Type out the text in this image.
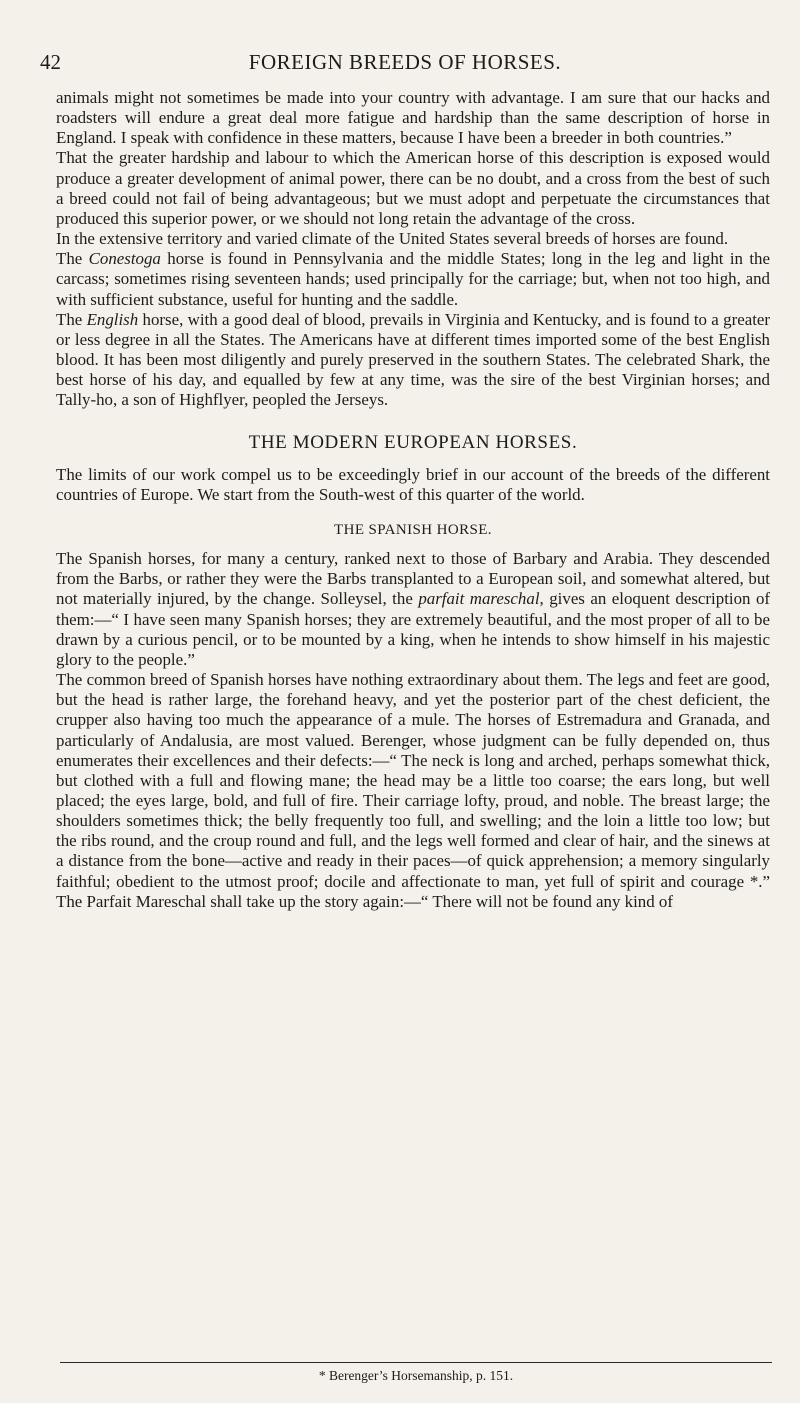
42	FOREIGN BREEDS OF HORSES.

animals might not sometimes be made into your country with advantage. I am sure that our hacks and roadsters will endure a great deal more fatigue and hardship than the same description of horse in England. I speak with confidence in these matters, because I have been a breeder in both countries.”

That the greater hardship and labour to which the American horse of this description is exposed would produce a greater development of animal power, there can be no doubt, and a cross from the best of such a breed could not fail of being advantageous; but we must adopt and perpetuate the circumstances that produced this superior power, or we should not long retain the advantage of the cross.

In the extensive territory and varied climate of the United States several breeds of horses are found.

The Conestoga horse is found in Pennsylvania and the middle States; long in the leg and light in the carcass; sometimes rising seventeen hands; used principally for the carriage; but, when not too high, and with sufficient substance, useful for hunting and the saddle.

The English horse, with a good deal of blood, prevails in Virginia and Kentucky, and is found to a greater or less degree in all the States. The Americans have at different times imported some of the best English blood. It has been most diligently and purely preserved in the southern States. The celebrated Shark, the best horse of his day, and equalled by few at any time, was the sire of the best Virginian horses; and Tally-ho, a son of Highflyer, peopled the Jerseys.

THE MODERN EUROPEAN HORSES.

The limits of our work compel us to be exceedingly brief in our account of the breeds of the different countries of Europe. We start from the South-west of this quarter of the world.

THE SPANISH HORSE.

The Spanish horses, for many a century, ranked next to those of Barbary and Arabia. They descended from the Barbs, or rather they were the Barbs transplanted to a European soil, and somewhat altered, but not materially injured, by the change. Solleysel, the parfait mareschal, gives an eloquent description of them:—“ I have seen many Spanish horses; they are extremely beautiful, and the most proper of all to be drawn by a curious pencil, or to be mounted by a king, when he intends to show himself in his majestic glory to the people.”

The common breed of Spanish horses have nothing extraordinary about them. The legs and feet are good, but the head is rather large, the forehand heavy, and yet the posterior part of the chest deficient, the crupper also having too much the appearance of a mule. The horses of Estremadura and Granada, and particularly of Andalusia, are most valued. Berenger, whose judgment can be fully depended on, thus enumerates their excellences and their defects:—“ The neck is long and arched, perhaps somewhat thick, but clothed with a full and flowing mane; the head may be a little too coarse; the ears long, but well placed; the eyes large, bold, and full of fire. Their carriage lofty, proud, and noble. The breast large; the shoulders sometimes thick; the belly frequently too full, and swelling; and the loin a little too low; but the ribs round, and the croup round and full, and the legs well formed and clear of hair, and the sinews at a distance from the bone—active and ready in their paces—of quick apprehension; a memory singularly faithful; obedient to the utmost proof; docile and affectionate to man, yet full of spirit and courage *.” The Parfait Mareschal shall take up the story again:—“ There will not be found any kind of

* Berenger’s Horsemanship, p. 151.
